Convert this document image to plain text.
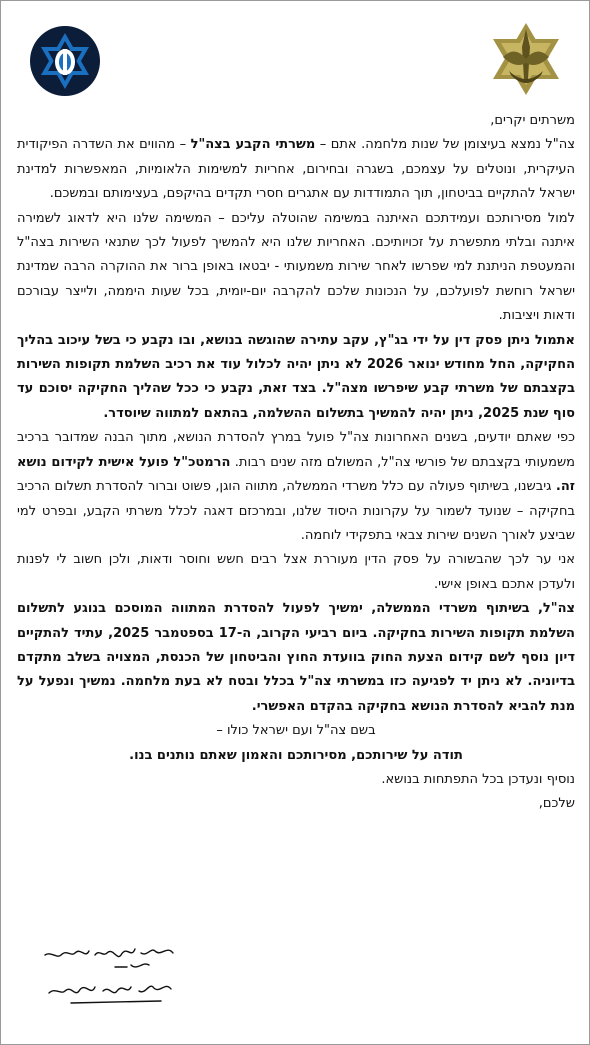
משרתים יקרים,

צה"ל נמצא בעיצומן של שנות מלחמה. אתם – משרתי הקבע בצה"ל – מהווים את השדרה הפיקודית העיקרית, ונוטלים על עצמכם, בשגרה ובחירום, אחריות למשימות הלאומיות, המאפשרות למדינת ישראל להתקיים בביטחון, תוך התמודדות עם אתגרים חסרי תקדים בהיקפם, בעצימותם ובמשכם.

למול מסירותכם ועמידתכם האיתנה במשימה שהוטלה עליכם – המשימה שלנו היא לדאוג לשמירה איתנה ובלתי מתפשרת על זכויותיכם. האחריות שלנו היא להמשיך לפעול לכך שתנאי השירות בצה"ל והמעטפת הניתנת למי שפרשו לאחר שירות משמעותי - יבטאו באופן ברור את ההוקרה הרבה שמדינת ישראל רוחשת לפועלכם, על הנכונות שלכם להקרבה יום-יומית, בכל שעות היממה, ולייצר עבורכם ודאות ויציבות.

אתמול ניתן פסק דין על ידי בג"ץ, עקב עתירה שהוגשה בנושא, ובו נקבע כי בשל עיכוב בהליך החקיקה, החל מחודש ינואר 2026 לא ניתן יהיה לכלול עוד את רכיב השלמת תקופות השירות בקצבתם של משרתי קבע שיפרשו מצה"ל. בצד זאת, נקבע כי ככל שהליך החקיקה יסוכם עד סוף שנת 2025, ניתן יהיה להמשיך בתשלום ההשלמה, בהתאם למתווה שיוסדר.

כפי שאתם יודעים, בשנים האחרונות צה"ל פועל במרץ להסדרת הנושא, מתוך הבנה שמדובר ברכיב משמעותי בקצבתם של פורשי צה"ל, המשולם מזה שנים רבות. הרמטכ"ל פועל אישית לקידום נושא זה. גיבשנו, בשיתוף פעולה עם כלל משרדי הממשלה, מתווה הוגן, פשוט וברור להסדרת תשלום הרכיב בחקיקה – שנועד לשמור על עקרונות היסוד שלנו, ובמרכזם דאגה לכלל משרתי הקבע, ובפרט למי שביצע לאורך השנים שירות צבאי בתפקידי לוחמה.

אני ער לכך שהבשורה על פסק הדין מעוררת אצל רבים חשש וחוסר ודאות, ולכן חשוב לי לפנות ולעדכן אתכם באופן אישי.

צה"ל, בשיתוף משרדי הממשלה, ימשיך לפעול להסדרת המתווה המוסכם בנוגע לתשלום השלמת תקופות השירות בחקיקה. ביום רביעי הקרוב, ה-17 בספטמבר 2025, עתיד להתקיים דיון נוסף לשם קידום הצעת החוק בוועדת החוץ והביטחון של הכנסת, המצויה בשלב מתקדם בדיוניה. לא ניתן יד לפגיעה כזו במשרתי צה"ל בכלל ובטח לא בעת מלחמה. נמשיך ונפעל על מנת להביא להסדרת הנושא בחקיקה בהקדם האפשרי.

בשם צה"ל ועם ישראל כולו –

תודה על שירותכם, מסירותכם והאמון שאתם נותנים בנו.

נוסיף ונעדכן בכל התפתחות בנושא.

שלכם,
